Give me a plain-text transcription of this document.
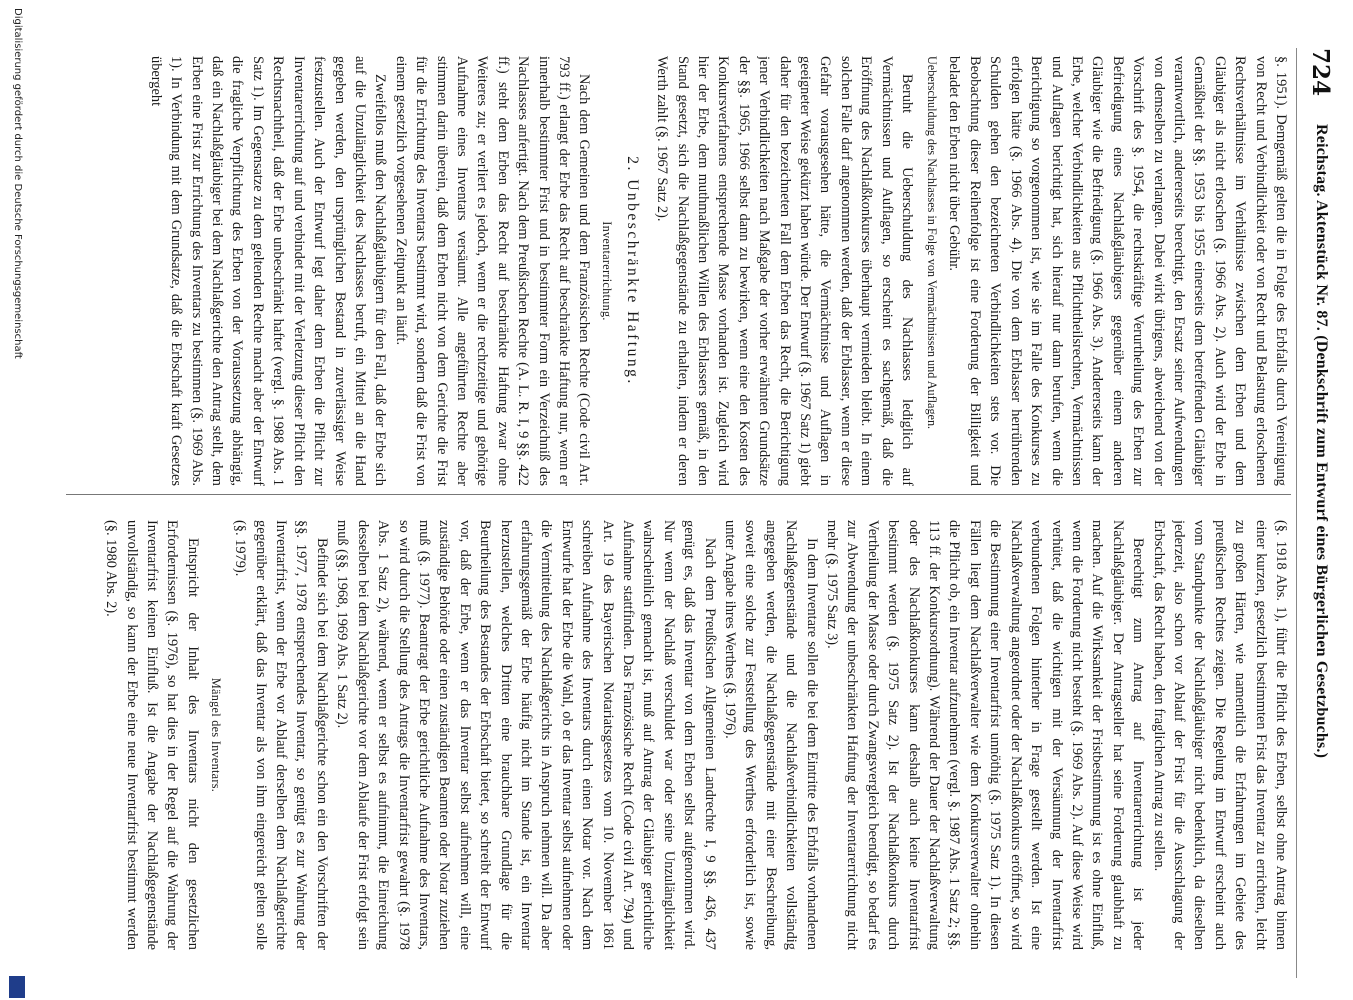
724
Reichstag. Aktenstück Nr. 87. (Denkschrift zum Entwurf eines Bürgerlichen Gesetzbuchs.)

§. 1951). Demgemäß gelten die in Folge des Erbfalls durch Vereinigung von Recht und Verbindlichkeit oder von Recht und Belastung erloschenen Rechtsverhältnisse im Verhältnisse zwischen dem Erben und dem Gläubiger als nicht erloschen (§. 1966 Abs. 2). Auch wird der Erbe in Gemäßheit der §§. 1953 bis 1955 einerseits dem betreffenden Gläubiger verantwortlich, andererseits berechtigt, den Ersatz seiner Aufwendungen von demselben zu verlangen. Dabei wirkt übrigens, abweichend von der Vorschrift des §. 1954, die rechtskräftige Verurtheilung des Erben zur Befriedigung eines Nachlaßgläubigers gegenüber einem anderen Gläubiger wie die Befriedigung (§. 1966 Abs. 3). Andererseits kann der Erbe, welcher Verbindlichkeiten aus Pflichttheilsrechten, Vermächtnissen und Auflagen berichtigt hat, sich hierauf nur dann berufen, wenn die Berichtigung so vorgenommen ist, wie sie im Falle des Konkurses zu erfolgen hätte (§. 1966 Abs. 4). Die von dem Erblasser herrührenden Schulden gehen den bezeichneten Verbindlichkeiten stets vor. Die Beobachtung dieser Reihenfolge ist eine Forderung der Billigkeit und beladet den Erben nicht über Gebühr.

Ueberschuldung des Nachlasses in Folge von Vermächtnissen und Auflagen.

Beruht die Ueberschuldung des Nachlasses lediglich auf Vermächtnissen und Auflagen, so erscheint es sachgemäß, daß die Eröffnung des Nachlaßkonkurses überhaupt vermieden bleibt. In einem solchen Falle darf angenommen werden, daß der Erblasser, wenn er diese Gefahr vorausgesehen hätte, die Vermächtnisse und Auflagen in geeigneter Weise gekürzt haben würde. Der Entwurf (§. 1967 Satz 1) giebt daher für den bezeichneten Fall dem Erben das Recht, die Berichtigung jener Verbindlichkeiten nach Maßgabe der vorher erwähnten Grundsätze der §§. 1965, 1966 selbst dann zu bewirken, wenn eine den Kosten des Konkursverfahrens entsprechende Masse vorhanden ist. Zugleich wird hier der Erbe, dem muthmaßlichen Willen des Erblassers gemäß, in den Stand gesetzt, sich die Nachlaßgegenstände zu erhalten, indem er deren Werth zahlt (§. 1967 Satz 2).

2. Unbeschränkte Haftung.

Inventarerrichtung.

Nach dem Gemeinen und dem Französischen Rechte (Code civil Art. 793 ff.) erlangt der Erbe das Recht auf beschränkte Haftung nur, wenn er innerhalb bestimmter Frist und in bestimmter Form ein Verzeichniß des Nachlasses anfertigt. Nach dem Preußischen Rechte (A. L. R. I, 9 §§. 422 ff.) steht dem Erben das Recht auf beschränkte Haftung zwar ohne Weiteres zu; er verliert es jedoch, wenn er die rechtzeitige und gehörige Aufnahme eines Inventars versäumt. Alle angeführten Rechte aber stimmen darin überein, daß dem Erben nicht von dem Gerichte die Frist für die Errichtung des Inventars bestimmt wird, sondern daß die Frist von einem gesetzlich vorgesehenen Zeitpunkt an läuft.

Zweifellos muß den Nachlaßgläubigern für den Fall, daß der Erbe sich auf die Unzulänglichkeit des Nachlasses beruft, ein Mittel an die Hand gegeben werden, den ursprünglichen Bestand in zuverlässiger Weise festzustellen. Auch der Entwurf legt daher dem Erben die Pflicht zur Inventarerrichtung auf und verbindet mit der Verletzung dieser Pflicht den Rechtsnachtheil, daß der Erbe unbeschränkt haftet (vergl. §. 1988 Abs. 1 Satz 1). Im Gegensatze zu dem geltenden Rechte macht aber der Entwurf die fragliche Verpflichtung des Erben von der Voraussetzung abhängig, daß ein Nachlaßgläubiger bei dem Nachlaßgerichte den Antrag stellt, dem Erben eine Frist zur Errichtung des Inventars zu bestimmen (§. 1969 Abs. 1). In Verbindung mit dem Grundsatze, daß die Erbschaft kraft Gesetzes übergeht

(§. 1918 Abs. 1), führt die Pflicht des Erben, selbst ohne Antrag binnen einer kurzen, gesetzlich bestimmten Frist das Inventar zu errichten, leicht zu großen Härten, wie namentlich die Erfahrungen im Gebiete des preußischen Rechtes zeigen. Die Regelung im Entwurf erscheint auch vom Standpunkte der Nachlaßgläubiger nicht bedenklich, da dieselben jederzeit, also schon vor Ablauf der Frist für die Ausschlagung der Erbschaft, das Recht haben, den fraglichen Antrag zu stellen.

Berechtigt zum Antrag auf Inventarerrichtung ist jeder Nachlaßgläubiger. Der Antragsteller hat seine Forderung glaubhaft zu machen. Auf die Wirksamkeit der Fristbestimmung ist es ohne Einfluß, wenn die Forderung nicht besteht (§. 1969 Abs. 2). Auf diese Weise wird verhütet, daß die wichtigen mit der Versäumung der Inventarfrist verbundenen Folgen hinterher in Frage gestellt werden. Ist eine Nachlaßverwaltung angeordnet oder der Nachlaßkonkurs eröffnet, so wird die Bestimmung einer Inventarfrist unnöthig (§. 1975 Satz 1). In diesen Fällen liegt dem Nachlaßverwalter wie dem Konkursverwalter ohnehin die Pflicht ob, ein Inventar aufzunehmen (vergl. §. 1987 Abs. 1 Satz 2; §§. 113 ff. der Konkursordnung). Während der Dauer der Nachlaßverwaltung oder des Nachlaßkonkurses kann deshalb auch keine Inventarfrist bestimmt werden (§. 1975 Satz 2). Ist der Nachlaßkonkurs durch Vertheilung der Masse oder durch Zwangsvergleich beendigt, so bedarf es zur Abwendung der unbeschränkten Haftung der Inventarerrichtung nicht mehr (§. 1975 Satz 3).

In dem Inventare sollen die bei dem Eintritte des Erbfalls vorhandenen Nachlaßgegenstände und die Nachlaßverbindlichkeiten vollständig angegeben werden, die Nachlaßgegenstände mit einer Beschreibung, soweit eine solche zur Feststellung des Werthes erforderlich ist, sowie unter Angabe ihres Werthes (§. 1976).

Nach dem Preußischen Allgemeinen Landrechte I, 9 §§. 436, 437 genügt es, daß das Inventar von dem Erben selbst aufgenommen wird. Nur wenn der Nachlaß verschuldet war oder seine Unzulänglichkeit wahrscheinlich gemacht ist, muß auf Antrag der Gläubiger gerichtliche Aufnahme stattfinden. Das Französische Recht (Code civil Art. 794) und Art. 19 des Bayerischen Notariatsgesetzes vom 10. November 1861 schreiben Aufnahme des Inventars durch einen Notar vor. Nach dem Entwurfe hat der Erbe die Wahl, ob er das Inventar selbst aufnehmen oder die Vermittelung des Nachlaßgerichts in Anspruch nehmen will. Da aber erfahrungsgemäß der Erbe häufig nicht im Stande ist, ein Inventar herzustellen, welches Dritten eine brauchbare Grundlage für die Beurtheilung des Bestandes der Erbschaft bietet, so schreibt der Entwurf vor, daß der Erbe, wenn er das Inventar selbst aufnehmen will, eine zuständige Behörde oder einen zuständigen Beamten oder Notar zuziehen muß (§. 1977). Beantragt der Erbe gerichtliche Aufnahme des Inventars, so wird durch die Stellung des Antrags die Inventarfrist gewahrt (§. 1978 Abs. 1 Satz 2), während, wenn er selbst es aufnimmt, die Einreichung desselben bei dem Nachlaßgerichte vor dem Ablaufe der Frist erfolgt sein muß (§§. 1968, 1969 Abs. 1 Satz 2).

Befindet sich bei dem Nachlaßgerichte schon ein den Vorschriften der §§. 1977, 1978 entsprechendes Inventar, so genügt es zur Wahrung der Inventarfrist, wenn der Erbe vor Ablauf derselben dem Nachlaßgerichte gegenüber erklärt, daß das Inventar als von ihm eingereicht gelten solle (§. 1979).

Mängel des Inventars.

Entspricht der Inhalt des Inventars nicht den gesetzlichen Erfordernissen (§. 1976), so hat dies in der Regel auf die Wahrung der Inventarfrist keinen Einfluß. Ist die Angabe der Nachlaßgegenstände unvollständig, so kann der Erbe eine neue Inventarfrist bestimmt werden (§. 1980 Abs. 2).

Digitalisierung gefördert durch die Deutsche Forschungsgemeinschaft
